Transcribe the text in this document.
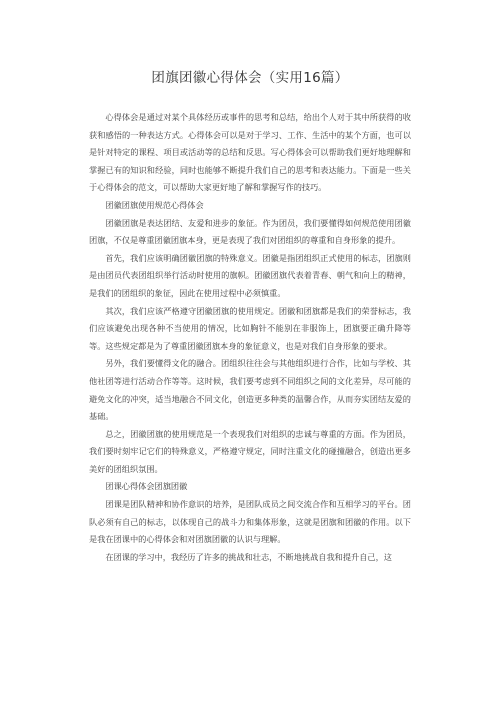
团旗团徽心得体会（实用16篇）

心得体会是通过对某个具体经历或事件的思考和总结，给出个人对于其中所获得的收获和感悟的一种表达方式。心得体会可以是对于学习、工作、生活中的某个方面，也可以是针对特定的课程、项目或活动等的总结和反思。写心得体会可以帮助我们更好地理解和掌握已有的知识和经验，同时也能够不断提升我们自己的思考和表达能力。下面是一些关于心得体会的范文，可以帮助大家更好地了解和掌握写作的技巧。

团徽团旗使用规范心得体会

团徽团旗是表达团结、友爱和进步的象征。作为团员，我们要懂得如何规范使用团徽团旗，不仅是尊重团徽团旗本身，更是表现了我们对团组织的尊重和自身形象的提升。

首先，我们应该明确团徽团旗的特殊意义。团徽是指团组织正式使用的标志，团旗则是由团员代表团组织举行活动时使用的旗帜。团徽团旗代表着青春、朝气和向上的精神，是我们的团组织的象征，因此在使用过程中必须慎重。

其次，我们应该严格遵守团徽团旗的使用规定。团徽和团旗都是我们的荣誉标志，我们应该避免出现各种不当使用的情况，比如胸针不能别在非服饰上，团旗要正确升降等等。这些规定都是为了尊重团徽团旗本身的象征意义，也是对我们自身形象的要求。

另外，我们要懂得文化的融合。团组织往往会与其他组织进行合作，比如与学校、其他社团等进行活动合作等等。这时候，我们要考虑到不同组织之间的文化差异，尽可能的避免文化的冲突，适当地融合不同文化，创造更多种类的温馨合作，从而夯实团结友爱的基础。

总之，团徽团旗的使用规范是一个表现我们对组织的忠诚与尊重的方面。作为团员，我们要时刻牢记它们的特殊意义，严格遵守规定，同时注重文化的碰撞融合，创造出更多美好的团组织氛围。

团课心得体会团旗团徽

团课是团队精神和协作意识的培养，是团队成员之间交流合作和互相学习的平台。团队必须有自己的标志，以体现自己的战斗力和集体形象，这就是团旗和团徽的作用。以下是我在团课中的心得体会和对团旗团徽的认识与理解。

在团课的学习中，我经历了许多的挑战和壮志，不断地挑战自我和提升自己，这
